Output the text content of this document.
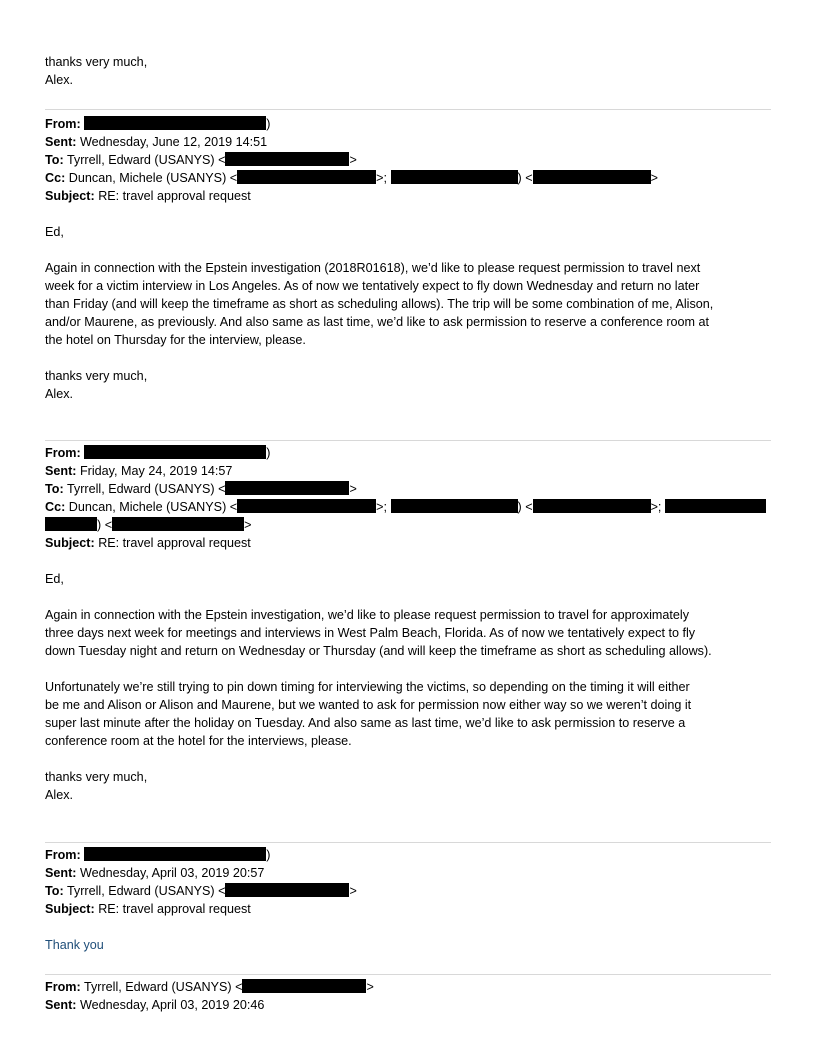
thanks very much,

Alex.

From:	)
Sent: Wednesday, June 12, 2019 14:51
To: Tyrrell, Edward (USANYS) <	>
Cc: Duncan, Michele (USANYS) <	>;	) <	>
Subject: RE: travel approval request

Ed,

Again in connection with the Epstein investigation (2018R01618), we’d like to please request permission to travel next

week for a victim interview in Los Angeles. As of now we tentatively expect to fly down Wednesday and return no later

than Friday (and will keep the timeframe as short as scheduling allows). The trip will be some combination of me, Alison,

and/or Maurene, as previously. And also same as last time, we’d like to ask permission to reserve a conference room at

the hotel on Thursday for the interview, please.

thanks very much,

Alex.

From:	)
Sent: Friday, May 24, 2019 14:57
To: Tyrrell, Edward (USANYS) <	>
Cc: Duncan, Michele (USANYS) <	>;	) <	>;
) <	>
Subject: RE: travel approval request

Ed,

Again in connection with the Epstein investigation, we’d like to please request permission to travel for approximately

three days next week for meetings and interviews in West Palm Beach, Florida. As of now we tentatively expect to fly

down Tuesday night and return on Wednesday or Thursday (and will keep the timeframe as short as scheduling allows).

Unfortunately we’re still trying to pin down timing for interviewing the victims, so depending on the timing it will either

be me and Alison or Alison and Maurene, but we wanted to ask for permission now either way so we weren’t doing it

super last minute after the holiday on Tuesday. And also same as last time, we’d like to ask permission to reserve a

conference room at the hotel for the interviews, please.

thanks very much,

Alex.

From:	)
Sent: Wednesday, April 03, 2019 20:57
To: Tyrrell, Edward (USANYS) <	>
Subject: RE: travel approval request

Thank you

From: Tyrrell, Edward (USANYS) <	>
Sent: Wednesday, April 03, 2019 20:46
